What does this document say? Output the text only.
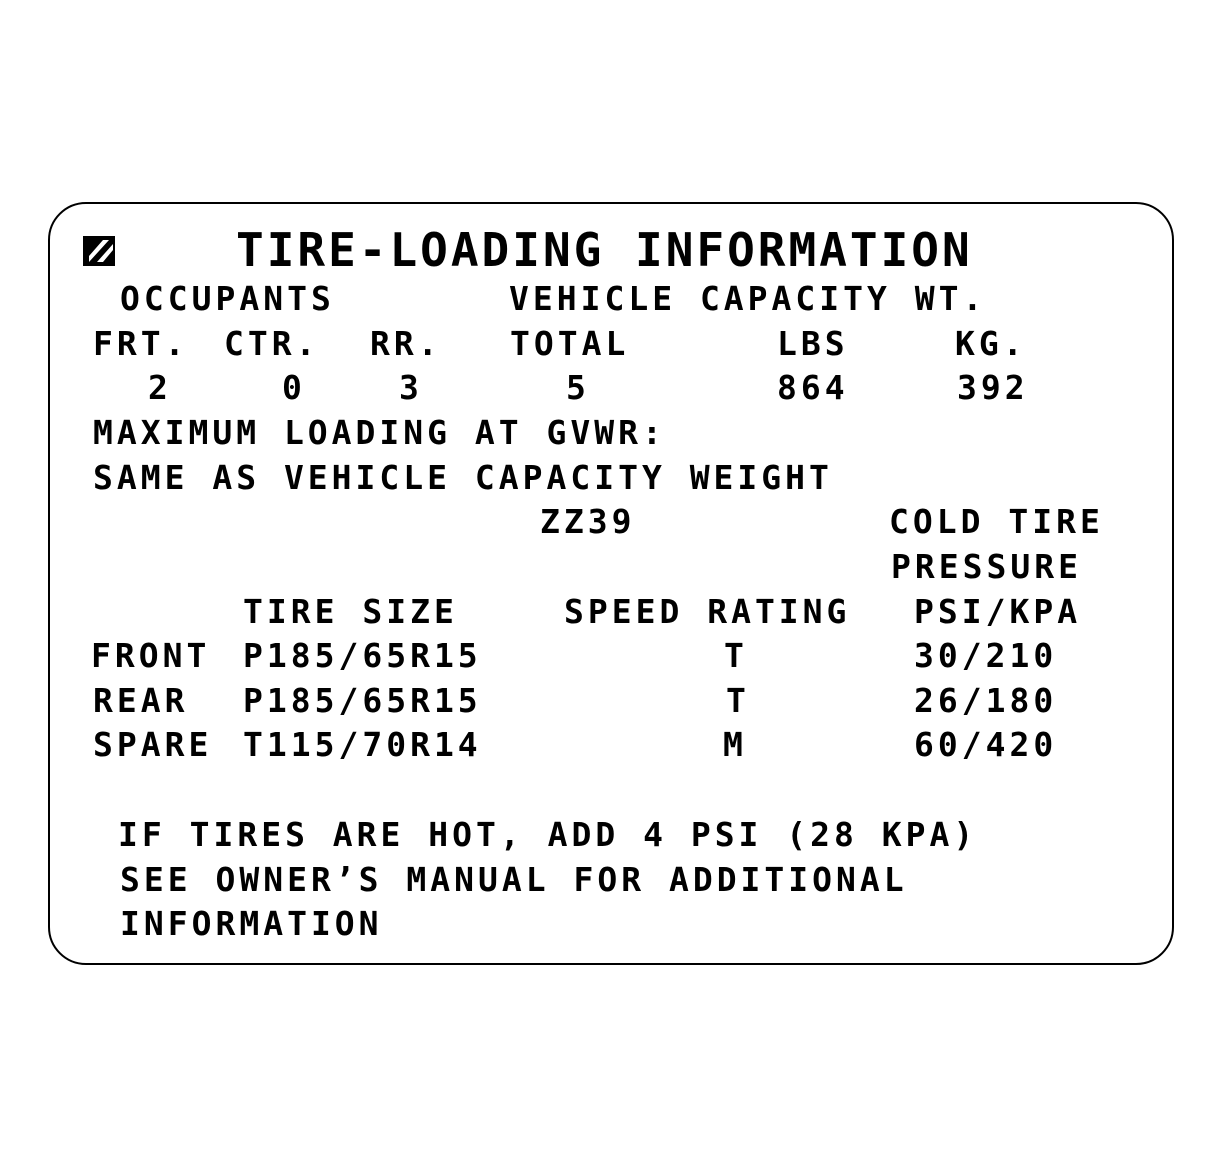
TIRE-LOADING INFORMATION
OCCUPANTS	VEHICLE CAPACITY WT.
FRT. CTR. RR. TOTAL	LBS	KG.
2	0	3	5	864	392
MAXIMUM LOADING AT GVWR:
SAME AS VEHICLE CAPACITY WEIGHT
ZZ39	COLD TIRE
PRESSURE
TIRE SIZE	SPEED RATING PSI/KPA
FRONT P185/65R15	T	30/210
REAR P185/65R15	T	26/180
SPARE T115/70R14	M	60/420
IF TIRES ARE HOT, ADD 4 PSI (28 KPA)
SEE OWNER’S MANUAL FOR ADDITIONAL
INFORMATION
